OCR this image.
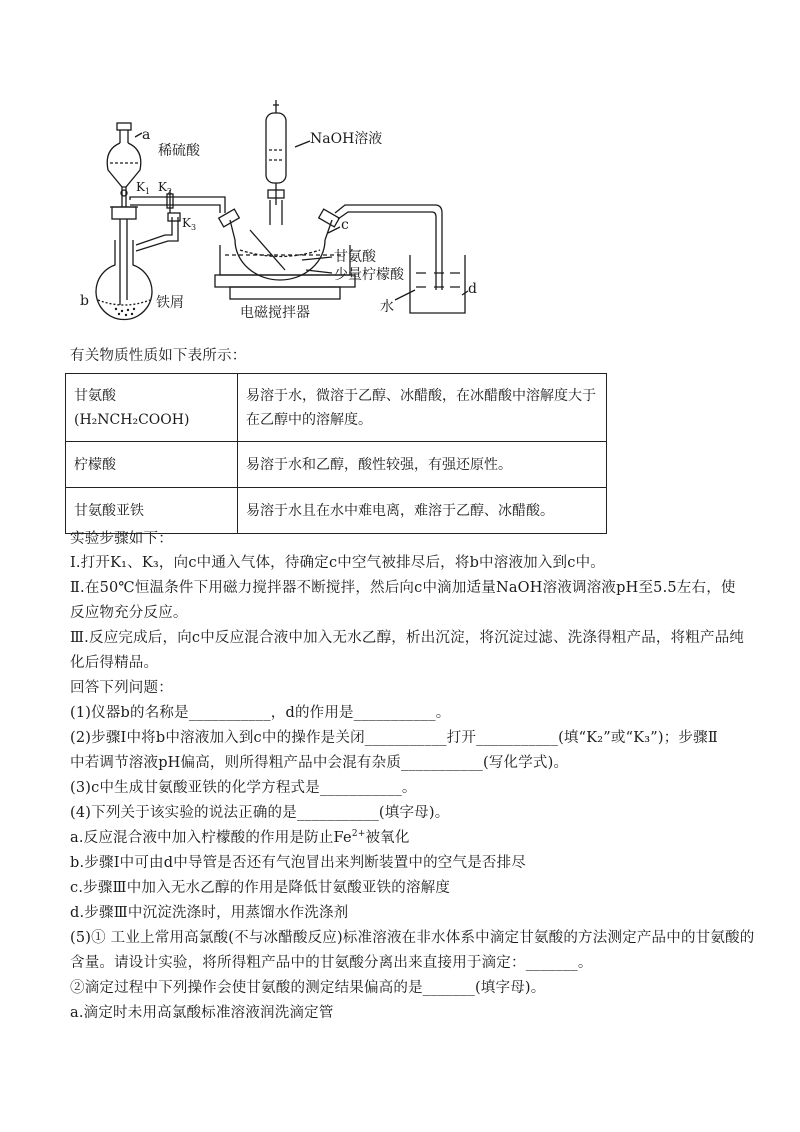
a
稀硫酸
$K_1$ $K_2$
$K_3$
NaOH溶液
c
甘氨酸
少量柠檬酸
b	铁屑
电磁搅拌器	水
d
有关物质性质如下表所示：
甘氨酸(H₂NCH₂COOH)	易溶于水，微溶于乙醇、冰醋酸，在冰醋酸中溶解度大于在乙醇中的溶解度。
柠檬酸	易溶于水和乙醇，酸性较强，有强还原性。
甘氨酸亚铁	易溶于水且在水中难电离，难溶于乙醇、冰醋酸。
实验步骤如下：
Ⅰ.打开K₁、K₃，向c中通入气体，待确定c中空气被排尽后，将b中溶液加入到c中。
Ⅱ.在50℃恒温条件下用磁力搅拌器不断搅拌，然后向c中滴加适量NaOH溶液调溶液pH至5.5左右，使
反应物充分反应。
Ⅲ.反应完成后，向c中反应混合液中加入无水乙醇，析出沉淀，将沉淀过滤、洗涤得粗产品，将粗产品纯
化后得精品。
回答下列问题：
(1)仪器b的名称是___________，d的作用是___________。
(2)步骤Ⅰ中将b中溶液加入到c中的操作是关闭___________打开___________(填“K₂”或“K₃”)；步骤Ⅱ
中若调节溶液pH偏高，则所得粗产品中会混有杂质___________(写化学式)。
(3)c中生成甘氨酸亚铁的化学方程式是___________。
(4)下列关于该实验的说法正确的是___________(填字母)。
a.反应混合液中加入柠檬酸的作用是防止$Fe^{2+}$被氧化
b.步骤Ⅰ中可由d中导管是否还有气泡冒出来判断装置中的空气是否排尽
c.步骤Ⅲ中加入无水乙醇的作用是降低甘氨酸亚铁的溶解度
d.步骤Ⅲ中沉淀洗涤时，用蒸馏水作洗涤剂
(5)① 工业上常用高氯酸(不与冰醋酸反应)标准溶液在非水体系中滴定甘氨酸的方法测定产品中的甘氨酸的
含量。请设计实验，将所得粗产品中的甘氨酸分离出来直接用于滴定：_______。
②滴定过程中下列操作会使甘氨酸的测定结果偏高的是_______(填字母)。
a.滴定时未用高氯酸标准溶液润洗滴定管
